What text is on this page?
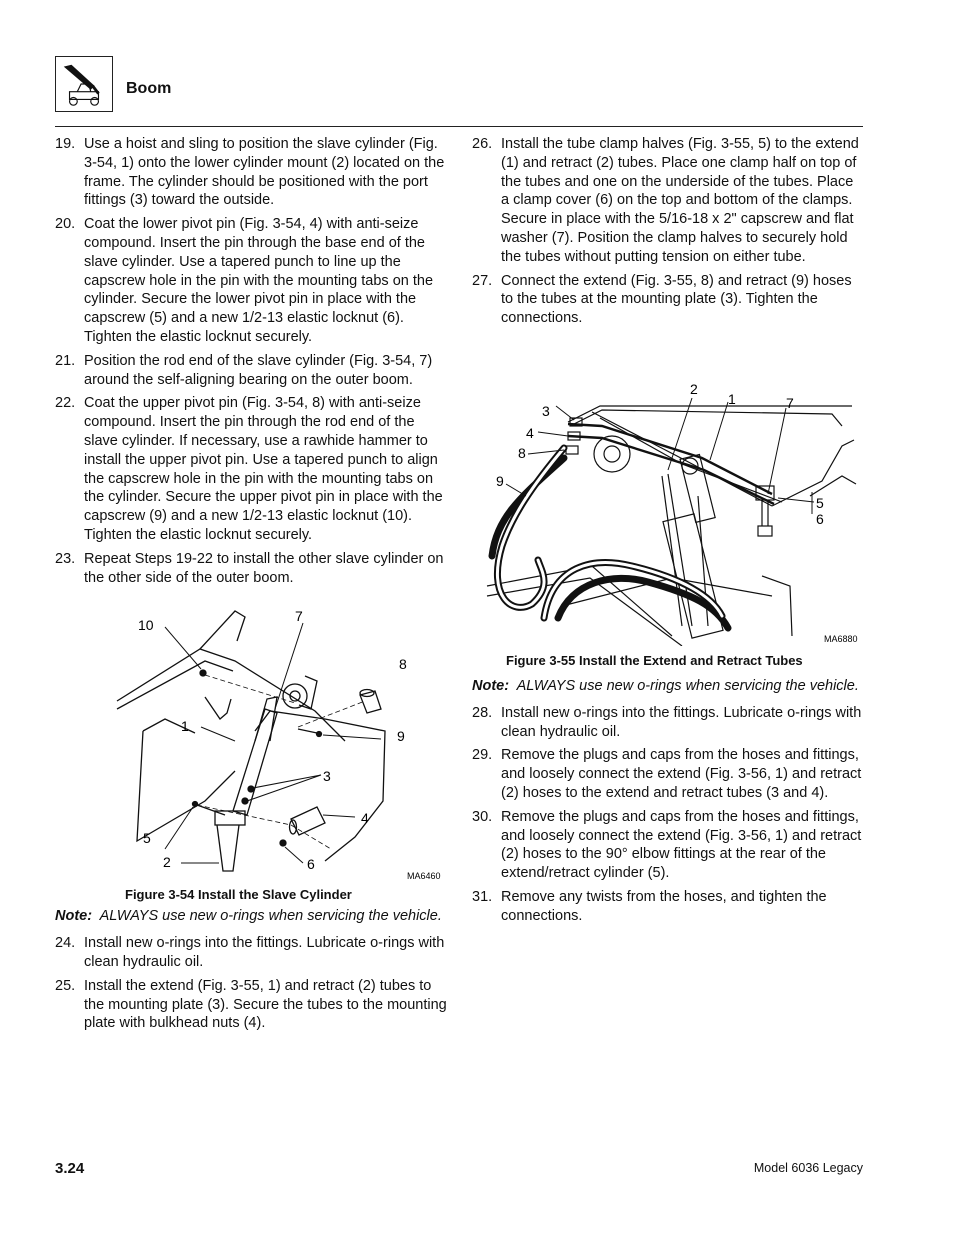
Boom
19. Use a hoist and sling to position the slave cylinder (Fig. 3-54, 1) onto the lower cylinder mount (2) located on the frame. The cylinder should be positioned with the port fittings (3) toward the outside.
20. Coat the lower pivot pin (Fig. 3-54, 4) with anti-seize compound. Insert the pin through the base end of the slave cylinder. Use a tapered punch to line up the capscrew hole in the pin with the mounting tabs on the cylinder. Secure the lower pivot pin in place with the capscrew (5) and a new 1/2-13 elastic locknut (6). Tighten the elastic locknut securely.
21. Position the rod end of the slave cylinder (Fig. 3-54, 7) around the self-aligning bearing on the outer boom.
22. Coat the upper pivot pin (Fig. 3-54, 8) with anti-seize compound. Insert the pin through the rod end of the slave cylinder. If necessary, use a rawhide hammer to install the upper pivot pin. Use a tapered punch to align the capscrew hole in the pin with the mounting tabs on the cylinder. Secure the upper pivot pin in place with the capscrew (9) and a new 1/2-13 elastic locknut (10). Tighten the elastic locknut securely.
23. Repeat Steps 19-22 to install the other slave cylinder on the other side of the outer boom.
10
7
8
1
9
3
4
5
2	6
MA6460
Figure 3-54 Install the Slave Cylinder
Note: ALWAYS use new o-rings when servicing the vehicle.
24. Install new o-rings into the fittings. Lubricate o-rings with clean hydraulic oil.
25. Install the extend (Fig. 3-55, 1) and retract (2) tubes to the mounting plate (3). Secure the tubes to the mounting plate with bulkhead nuts (4).
26. Install the tube clamp halves (Fig. 3-55, 5) to the extend (1) and retract (2) tubes. Place one clamp half on top of the tubes and one on the underside of the tubes. Place a clamp cover (6) on the top and bottom of the clamps. Secure in place with the 5/16-18 x 2" capscrew and flat washer (7). Position the clamp halves to securely hold the tubes without putting tension on either tube.
27. Connect the extend (Fig. 3-55, 8) and retract (9) hoses to the tubes at the mounting plate (3). Tighten the connections.
2
1	7
3
4
8
9
5
6
MA6880
Figure 3-55 Install the Extend and Retract Tubes
Note: ALWAYS use new o-rings when servicing the vehicle.
28. Install new o-rings into the fittings. Lubricate o-rings with clean hydraulic oil.
29. Remove the plugs and caps from the hoses and fittings, and loosely connect the extend (Fig. 3-56, 1) and retract (2) hoses to the extend and retract tubes (3 and 4).
30. Remove the plugs and caps from the hoses and fittings, and loosely connect the extend (Fig. 3-56, 1) and retract (2) hoses to the 90° elbow fittings at the rear of the extend/retract cylinder (5).
31. Remove any twists from the hoses, and tighten the connections.
3.24	Model 6036 Legacy
